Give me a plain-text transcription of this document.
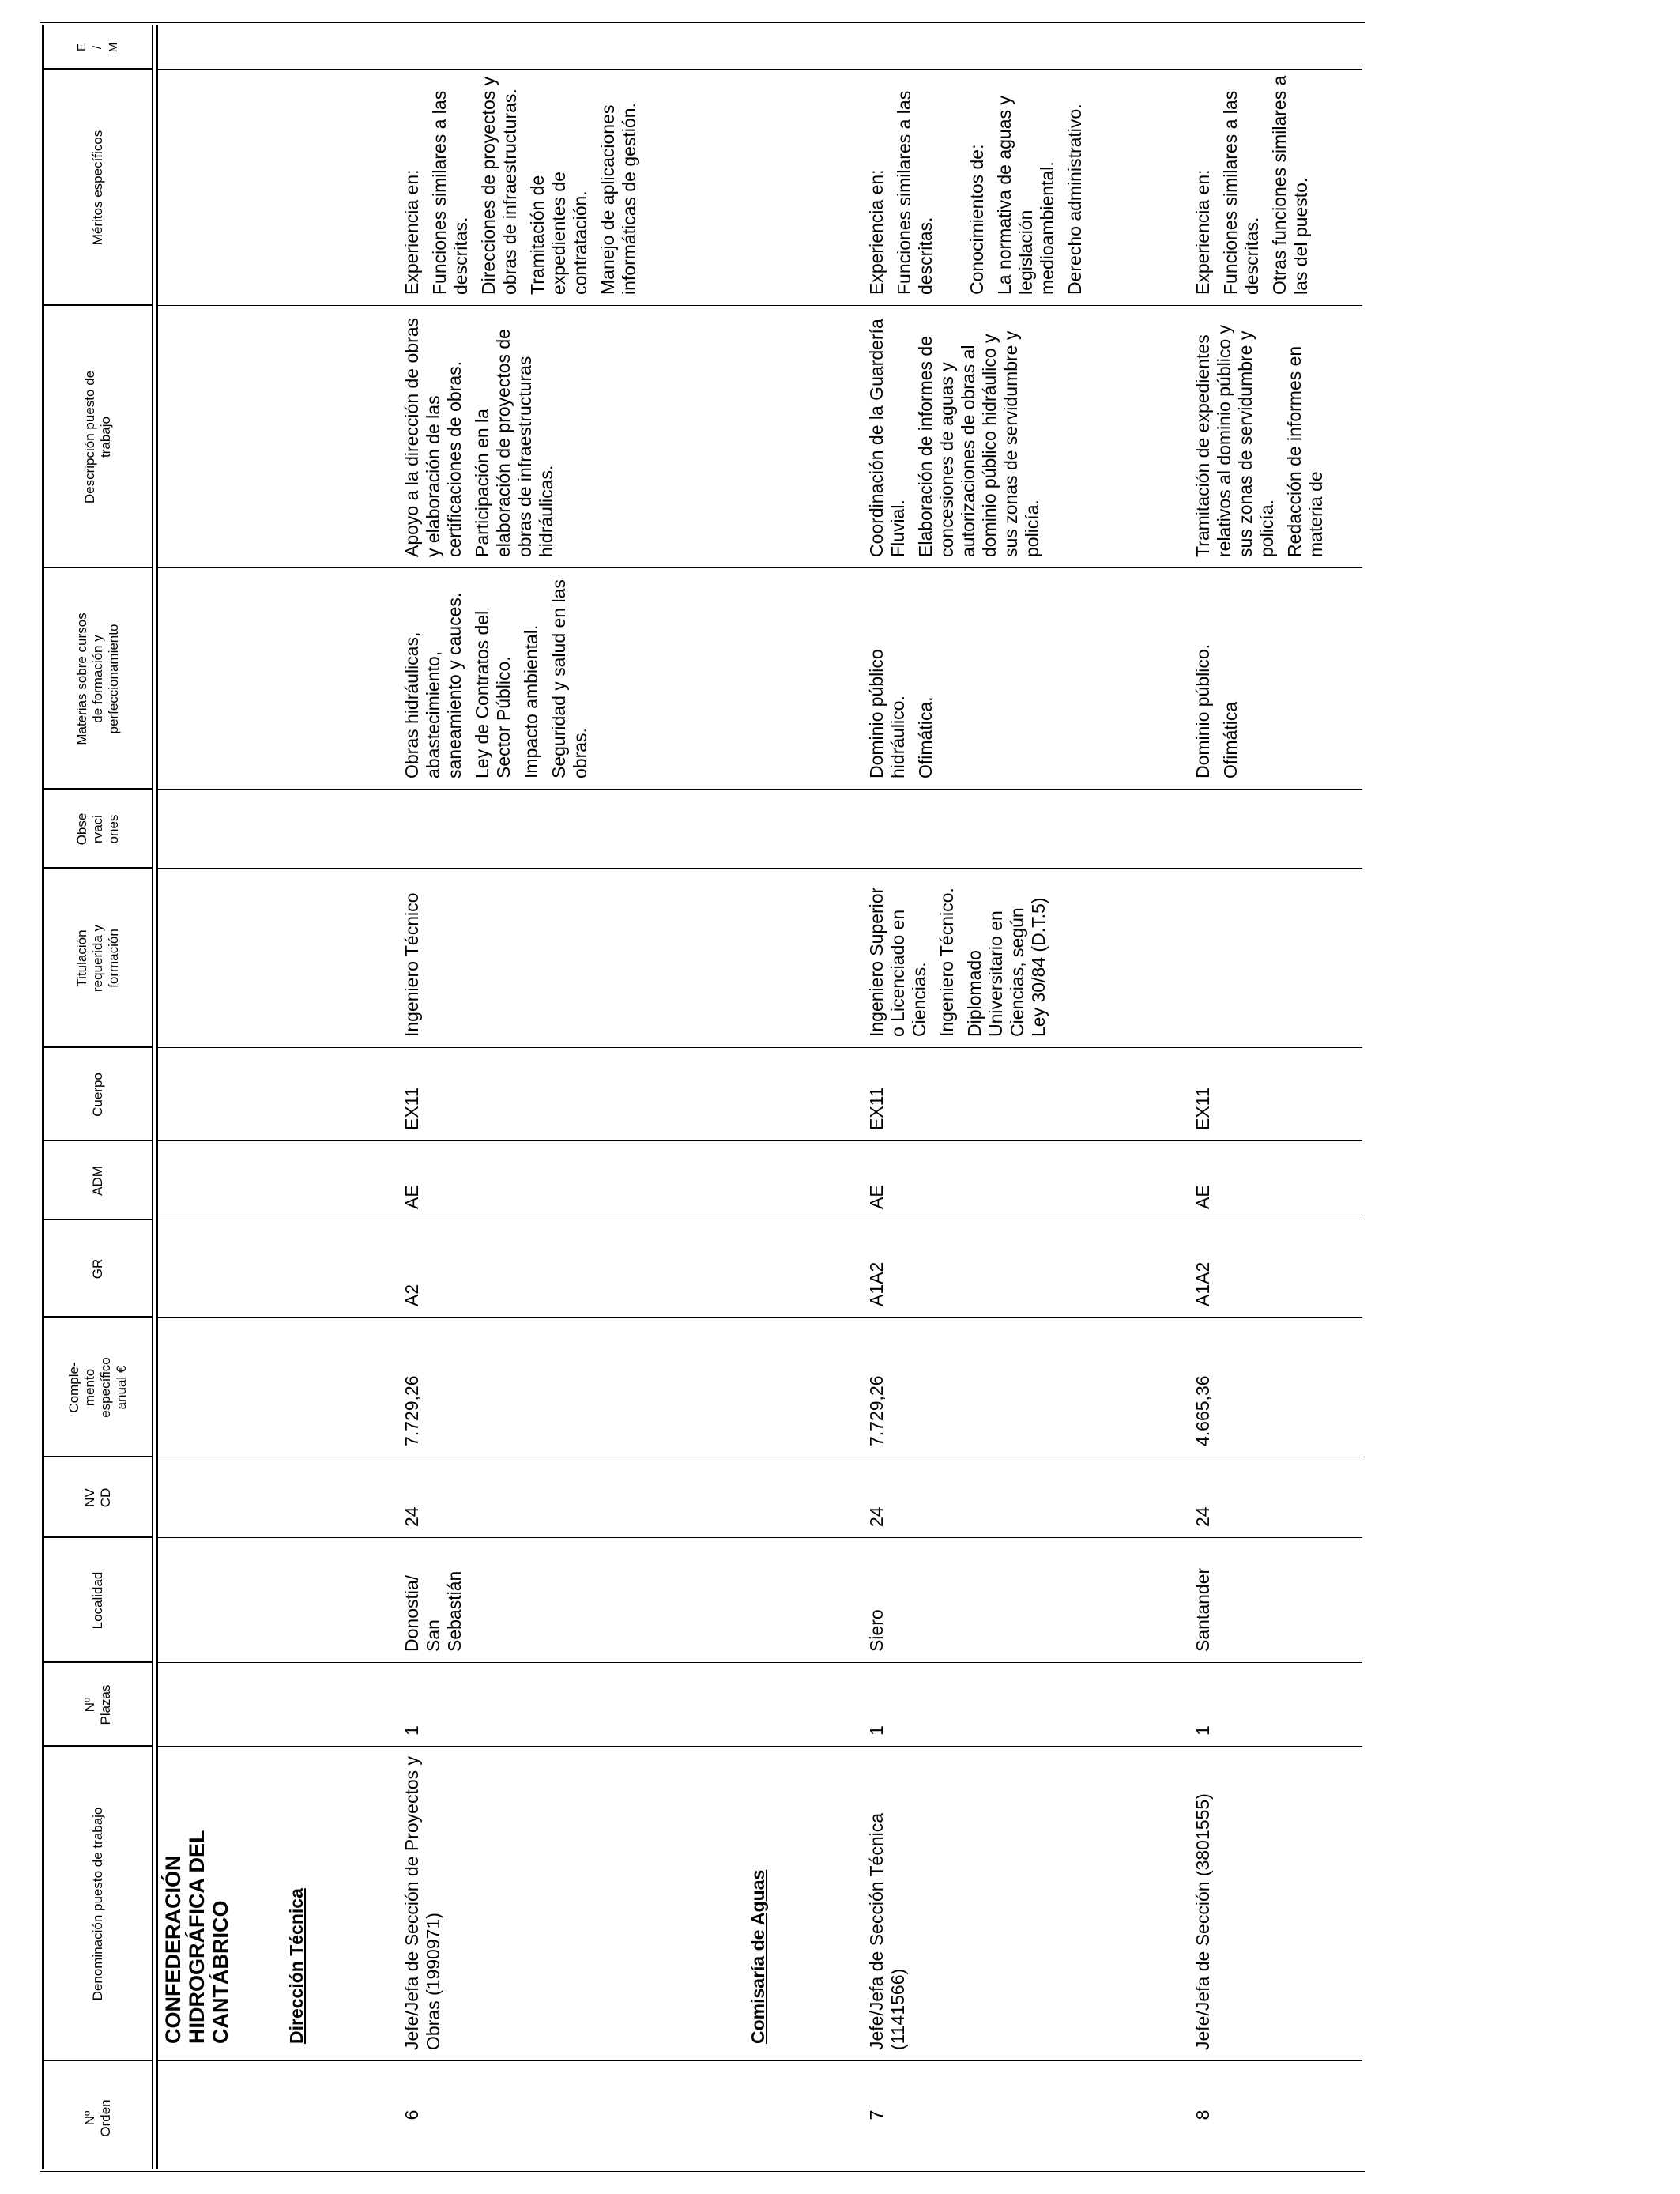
Nº
Orden
Denominación puesto de trabajo
Nº
Plazas
Localidad
NV
CD
Comple-
mento
específico
anual €
GR
ADM
Cuerpo
Titulación
requerida y
formación
Obse
rvaci
ones
Materias sobre cursos
de formación y
perfeccionamiento
Descripción puesto de
trabajo
Méritos específicos
E
/
M
CONFEDERACIÓN HIDROGRÁFICA DEL CANTÁBRICO	Dirección Técnica	Comisaría de Aguas
6
Jefe/Jefa de Sección de Proyectos y Obras (1990971)
1
Donostia/ San Sebastián
24
7.729,26
A2
AE
EX11

Ingeniero Técnico

Obras hidráulicas, abastecimiento, saneamiento y cauces. Ley de Contratos del Sector Público. Impacto ambiental. Seguridad y salud en las obras.

Apoyo a la dirección de obras y elaboración de las certificaciones de obras. Participación en la elaboración de proyectos de obras de infraestructuras hidráulicas.

Experiencia en: Funciones similares a las descritas. Direcciones de proyectos y obras de infraestructuras. Tramitación de expedientes de contratación. Manejo de aplicaciones informáticas de gestión.

7
Jefe/Jefa de Sección Técnica (1141566)
1
Siero
24
7.729,26
A1A2
AE
EX11

Ingeniero Superior o Licenciado en Ciencias. Ingeniero Técnico. Diplomado Universitario en Ciencias, según Ley 30/84 (D.T.5)

Dominio público hidráulico. Ofimática.

Coordinación de la Guardería Fluvial. Elaboración de informes de concesiones de aguas y autorizaciones de obras al dominio público hidráulico y sus zonas de servidumbre y policía.

Experiencia en: Funciones similares a las descritas. Conocimientos de: La normativa de aguas y legislación medioambiental. Derecho administrativo.

8
Jefe/Jefa de Sección (3801555)
1
Santander
24
4.665,36
A1A2
AE
EX11

Dominio público. Ofimática

Tramitación de expedientes relativos al dominio público y sus zonas de servidumbre y policía. Redacción de informes en materia de

Experiencia en: Funciones similares a las descritas. Otras funciones similares a las del puesto.
